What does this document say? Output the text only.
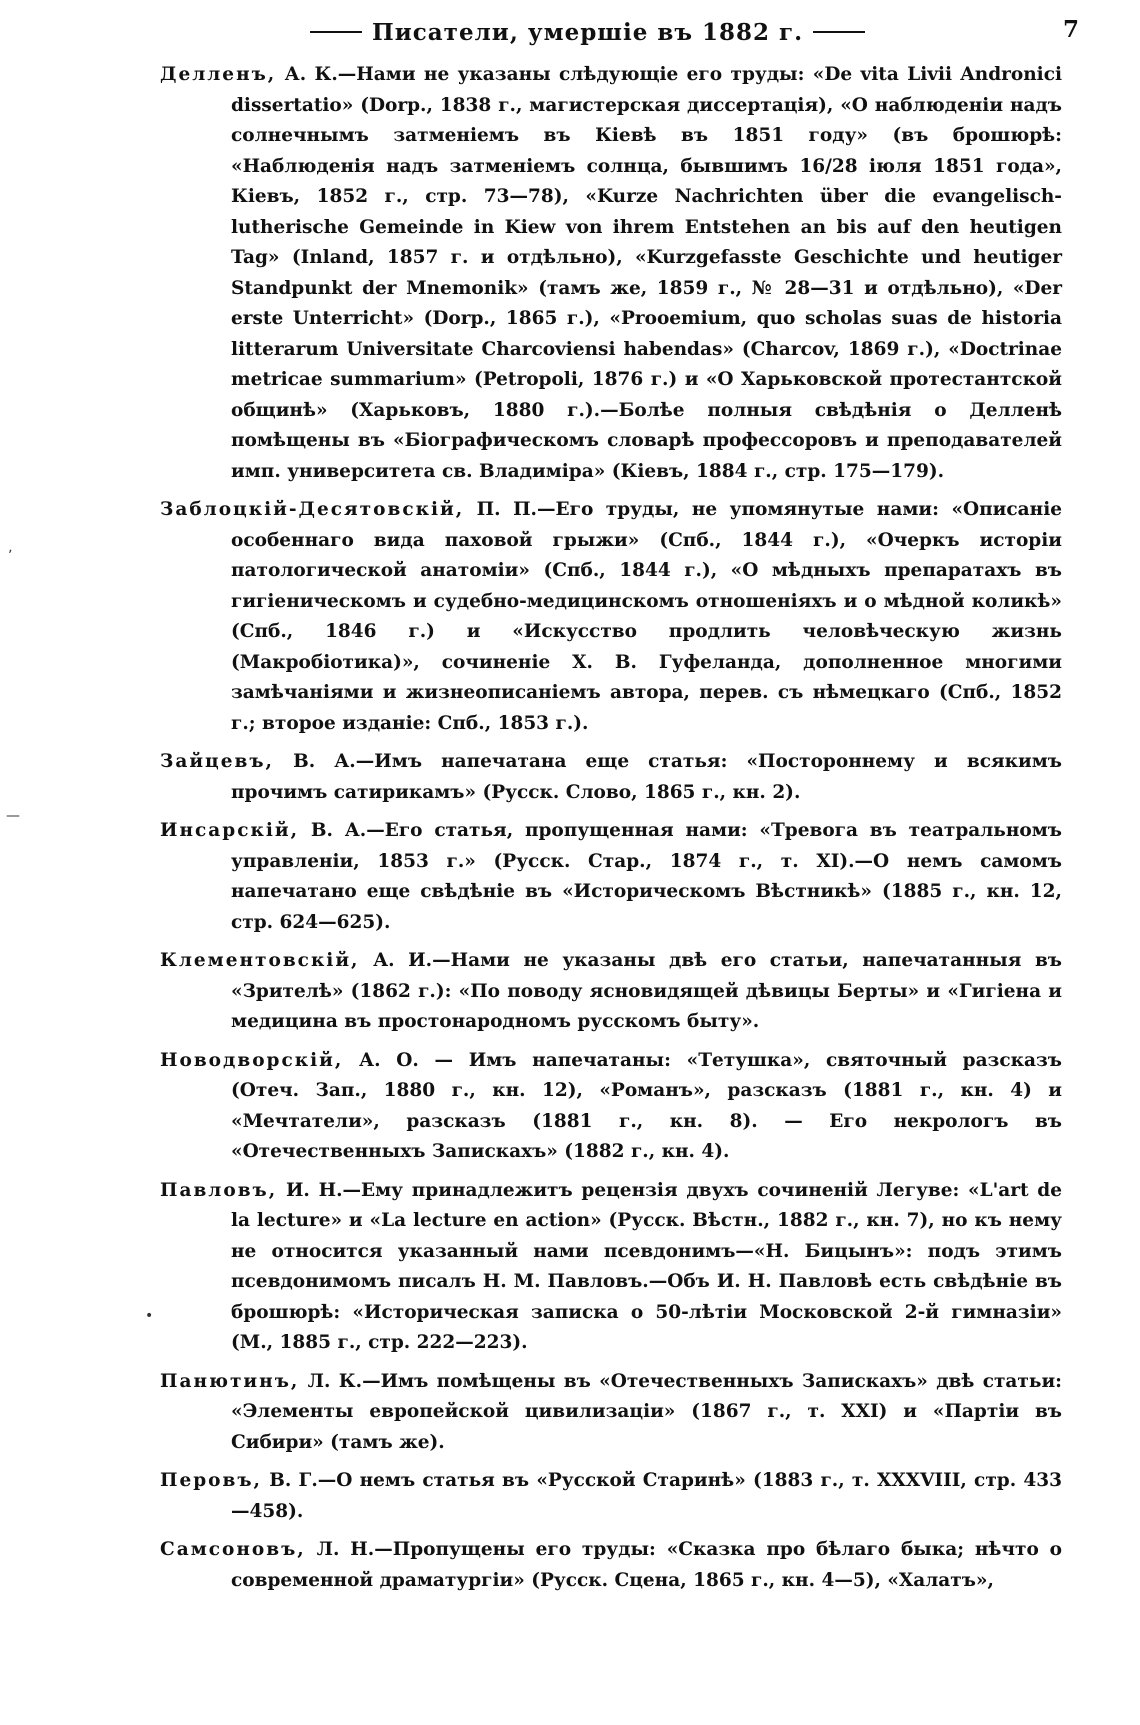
Писатели, умершіе въ 1882 г.	7
ʼ
—
•

Делленъ, А. К.—Нами не указаны слѣдующіе его труды: «De vita Livii Andronici dissertatio» (Dorp., 1838 г., магистерская диссертація), «О наблюденіи надъ солнечнымъ затменіемъ въ Кіевѣ въ 1851 году» (въ брошюрѣ: «Наблюденія надъ затменіемъ солнца, бывшимъ 16/28 іюля 1851 года», Кіевъ, 1852 г., стр. 73—78), «Kurze Nachrichten über die evangelisch-lutherische Gemeinde in Kiew von ihrem Entstehen an bis auf den heutigen Tag» (Inland, 1857 г. и отдѣльно), «Kurzgefasste Geschichte und heutiger Standpunkt der Mnemonik» (тамъ же, 1859 г., № 28—31 и отдѣльно), «Der erste Unterricht» (Dorp., 1865 г.), «Prooemium, quo scholas suas de historia litterarum Universitate Charcoviensi habendas» (Charcov, 1869 г.), «Doctrinae metricae summarium» (Petropoli, 1876 г.) и «О Харьковской протестантской общинѣ» (Харьковъ, 1880 г.).—Болѣе полныя свѣдѣнія о Делленѣ помѣщены въ «Біографическомъ словарѣ профессоровъ и преподавателей имп. университета св. Владиміра» (Кіевъ, 1884 г., стр. 175—179).

Заблоцкій-Десятовскій, П. П.—Его труды, не упомянутые нами: «Описаніе особеннаго вида паховой грыжи» (Спб., 1844 г.), «Очеркъ исторіи патологической анатоміи» (Спб., 1844 г.), «О мѣдныхъ препаратахъ въ гигіеническомъ и судебно-медицинскомъ отношеніяхъ и о мѣдной коликѣ» (Спб., 1846 г.) и «Искусство продлить человѣческую жизнь (Макробіотика)», сочиненіе Х. В. Гуфеланда, дополненное многими замѣчаніями и жизнеописаніемъ автора, перев. съ нѣмецкаго (Спб., 1852 г.; второе изданіе: Спб., 1853 г.).

Зайцевъ, В. А.—Имъ напечатана еще статья: «Постороннему и всякимъ прочимъ сатирикамъ» (Русск. Слово, 1865 г., кн. 2).

Инсарскій, В. А.—Его статья, пропущенная нами: «Тревога въ театральномъ управленіи, 1853 г.» (Русск. Стар., 1874 г., т. XI).—О немъ самомъ напечатано еще свѣдѣніе въ «Историческомъ Вѣстникѣ» (1885 г., кн. 12, стр. 624—625).

Клементовскій, А. И.—Нами не указаны двѣ его статьи, напечатанныя въ «Зрителѣ» (1862 г.): «По поводу ясновидящей дѣвицы Берты» и «Гигіена и медицина въ простонародномъ русскомъ быту».

Новодворскій, А. О. — Имъ напечатаны: «Тетушка», святочный разсказъ (Отеч. Зап., 1880 г., кн. 12), «Романъ», разсказъ (1881 г., кн. 4) и «Мечтатели», разсказъ (1881 г., кн. 8). — Его некрологъ въ «Отечественныхъ Запискахъ» (1882 г., кн. 4).

Павловъ, И. Н.—Ему принадлежитъ рецензія двухъ сочиненій Легуве: «L'art de la lecture» и «La lecture en action» (Русск. Вѣстн., 1882 г., кн. 7), но къ нему не относится указанный нами псевдонимъ—«Н. Бицынъ»: подъ этимъ псевдонимомъ писалъ Н. М. Павловъ.—Объ И. Н. Павловѣ есть свѣдѣніе въ брошюрѣ: «Историческая записка о 50-лѣтіи Московской 2-й гимназіи» (М., 1885 г., стр. 222—223).

Панютинъ, Л. К.—Имъ помѣщены въ «Отечественныхъ Запискахъ» двѣ статьи: «Элементы европейской цивилизаціи» (1867 г., т. XXI) и «Партіи въ Сибири» (тамъ же).

Перовъ, В. Г.—О немъ статья въ «Русской Старинѣ» (1883 г., т. XXXVIII, стр. 433—458).

Самсоновъ, Л. Н.—Пропущены его труды: «Сказка про бѣлаго быка; нѣчто о современной драматургіи» (Русск. Сцена, 1865 г., кн. 4—5), «Халатъ»,
